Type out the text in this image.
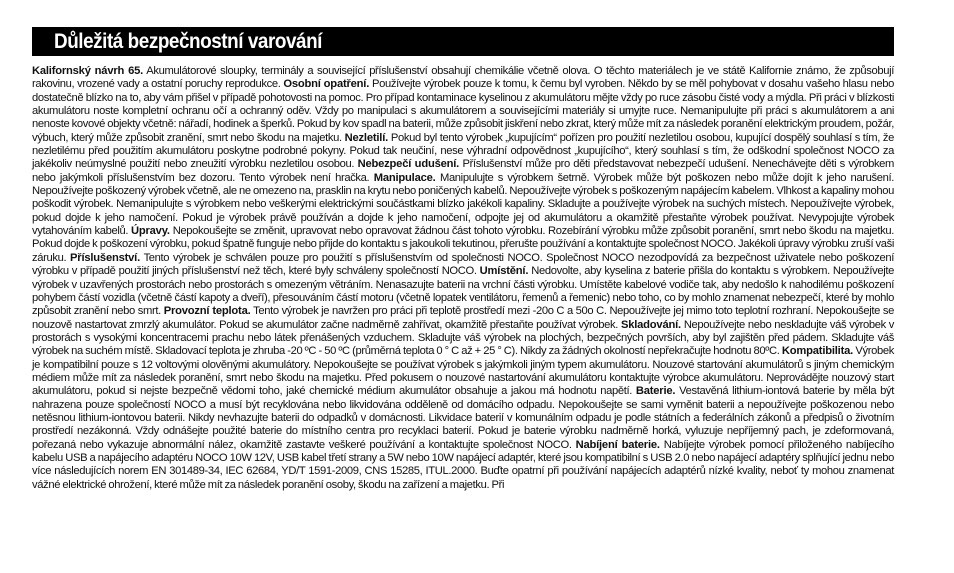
Důležitá bezpečnostní varování
Kalifornský návrh 65. Akumulátorové sloupky, terminály a související příslušenství obsahují chemikálie včetně olova. O těchto materiálech je ve státě Kalifornie známo, že způsobují rakovinu, vrozené vady a ostatní poruchy reprodukce. Osobní opatření. Používejte výrobek pouze k tomu, k čemu byl vyroben. Někdo by se měl pohybovat v dosahu vašeho hlasu nebo dostatečně blízko na to, aby vám přišel v případě pohotovosti na pomoc. Pro případ kontaminace kyselinou z akumulátoru mějte vždy po ruce zásobu čisté vody a mýdla. Při práci v blízkosti akumulátoru noste kompletní ochranu očí a ochranný oděv. Vždy po manipulaci s akumulátorem a souvisejícími materiály si umyjte ruce. Nemanipulujte při práci s akumulátorem a ani nenoste kovové objekty včetně: nářadí, hodinek a šperků. Pokud by kov spadl na baterii, může způsobit jiskření nebo zkrat, který může mít za následek poranění elektrickým proudem, požár, výbuch, který může způsobit zranění, smrt nebo škodu na majetku. Nezletilí. Pokud byl tento výrobek „kupujícím“ pořízen pro použití nezletilou osobou, kupující dospělý souhlasí s tím, že nezletilému před použitím akumulátoru poskytne podrobné pokyny. Pokud tak neučiní, nese výhradní odpovědnost „kupujícího“, který souhlasí s tím, že odškodní společnost NOCO za jakékoliv neúmyslné použití nebo zneužití výrobku nezletilou osobou. Nebezpečí udušení. Příslušenství může pro děti představovat nebezpečí udušení. Nenechávejte děti s výrobkem nebo jakýmkoli příslušenstvím bez dozoru. Tento výrobek není hračka. Manipulace. Manipulujte s výrobkem šetrně. Výrobek může být poškozen nebo může dojít k jeho narušení. Nepoužívejte poškozený výrobek včetně, ale ne omezeno na, prasklin na krytu nebo poničených kabelů. Nepoužívejte výrobek s poškozeným napájecím kabelem. Vlhkost a kapaliny mohou poškodit výrobek. Nemanipulujte s výrobkem nebo veškerými elektrickými součástkami blízko jakékoli kapaliny. Skladujte a používejte výrobek na suchých místech. Nepoužívejte výrobek, pokud dojde k jeho namočení. Pokud je výrobek právě používán a dojde k jeho namočení, odpojte jej od akumulátoru a okamžitě přestaňte výrobek používat. Nevypojujte výrobek vytahováním kabelů. Úpravy. Nepokoušejte se změnit, upravovat nebo opravovat žádnou část tohoto výrobku. Rozebírání výrobku může způsobit poranění, smrt nebo škodu na majetku. Pokud dojde k poškození výrobku, pokud špatně funguje nebo přijde do kontaktu s jakoukoli tekutinou, přerušte používání a kontaktujte společnost NOCO. Jakékoli úpravy výrobku zruší vaši záruku. Příslušenství. Tento výrobek je schválen pouze pro použití s příslušenstvím od společnosti NOCO. Společnost NOCO nezodpovídá za bezpečnost uživatele nebo poškození výrobku v případě použití jiných příslušenství než těch, které byly schváleny společností NOCO. Umístění. Nedovolte, aby kyselina z baterie přišla do kontaktu s výrobkem. Nepoužívejte výrobek v uzavřených prostorách nebo prostorách s omezeným větráním. Nenasazujte baterii na vrchní části výrobku. Umístěte kabelové vodiče tak, aby nedošlo k nahodilému poškození pohybem částí vozidla (včetně částí kapoty a dveří), přesouváním částí motoru (včetně lopatek ventilátoru, řemenů a řemenic) nebo toho, co by mohlo znamenat nebezpečí, které by mohlo způsobit zranění nebo smrt. Provozní teplota. Tento výrobek je navržen pro práci při teplotě prostředí mezi -20o C a 50o C. Nepoužívejte jej mimo toto teplotní rozhraní. Nepokoušejte se nouzově nastartovat zmrzlý akumulátor. Pokud se akumulátor začne nadměrně zahřívat, okamžitě přestaňte používat výrobek. Skladování. Nepoužívejte nebo neskladujte váš výrobek v prostorách s vysokými koncentracemi prachu nebo látek přenášených vzduchem. Skladujte váš výrobek na plochých, bezpečných površích, aby byl zajištěn před pádem. Skladujte váš výrobek na suchém místě. Skladovací teplota je zhruba -20 ºC - 50 ºC (průměrná teplota 0 ° C až + 25 ° C). Nikdy za žádných okolností nepřekračujte hodnotu 80ºC. Kompatibilita. Výrobek je kompatibilní pouze s 12 voltovými olověnými akumulátory. Nepokoušejte se používat výrobek s jakýmkoli jiným typem akumulátoru. Nouzové startování akumulátorů s jiným chemickým médiem může mít za následek poranění, smrt nebo škodu na majetku. Před pokusem o nouzové nastartování akumulátoru kontaktujte výrobce akumulátoru. Neprovádějte nouzový start akumulátoru, pokud si nejste bezpečně vědomi toho, jaké chemické médium akumulátor obsahuje a jakou má hodnotu napětí. Baterie. Vestavěná lithium-iontová baterie by měla být nahrazena pouze společností NOCO a musí být recyklována nebo likvidována odděleně od domácího odpadu. Nepokoušejte se sami vyměnit baterii a nepoužívejte poškozenou nebo netěsnou lithium-iontovou baterii. Nikdy nevhazujte baterii do odpadků v domácnosti. Likvidace baterií v komunálním odpadu je podle státních a federálních zákonů a předpisů o životním prostředí nezákonná. Vždy odnášejte použité baterie do místního centra pro recyklaci baterií. Pokud je baterie výrobku nadměrně horká, vyluzuje nepříjemný pach, je zdeformovaná, pořezaná nebo vykazuje abnormální nález, okamžitě zastavte veškeré používání a kontaktujte společnost NOCO. Nabíjení baterie. Nabíjejte výrobek pomocí přiloženého nabíjecího kabelu USB a napájecího adaptéru NOCO 10W 12V, USB kabel třetí strany a 5W nebo 10W napájecí adaptér, které jsou kompatibilní s USB 2.0 nebo napájecí adaptéry splňující jednu nebo více následujících norem EN 301489-34, IEC 62684, YD/T 1591-2009, CNS 15285, ITUL.2000. Buďte opatrní při používání napájecích adaptérů nízké kvality, neboť ty mohou znamenat vážné elektrické ohrožení, které může mít za následek poranění osoby, škodu na zařízení a majetku. Při
